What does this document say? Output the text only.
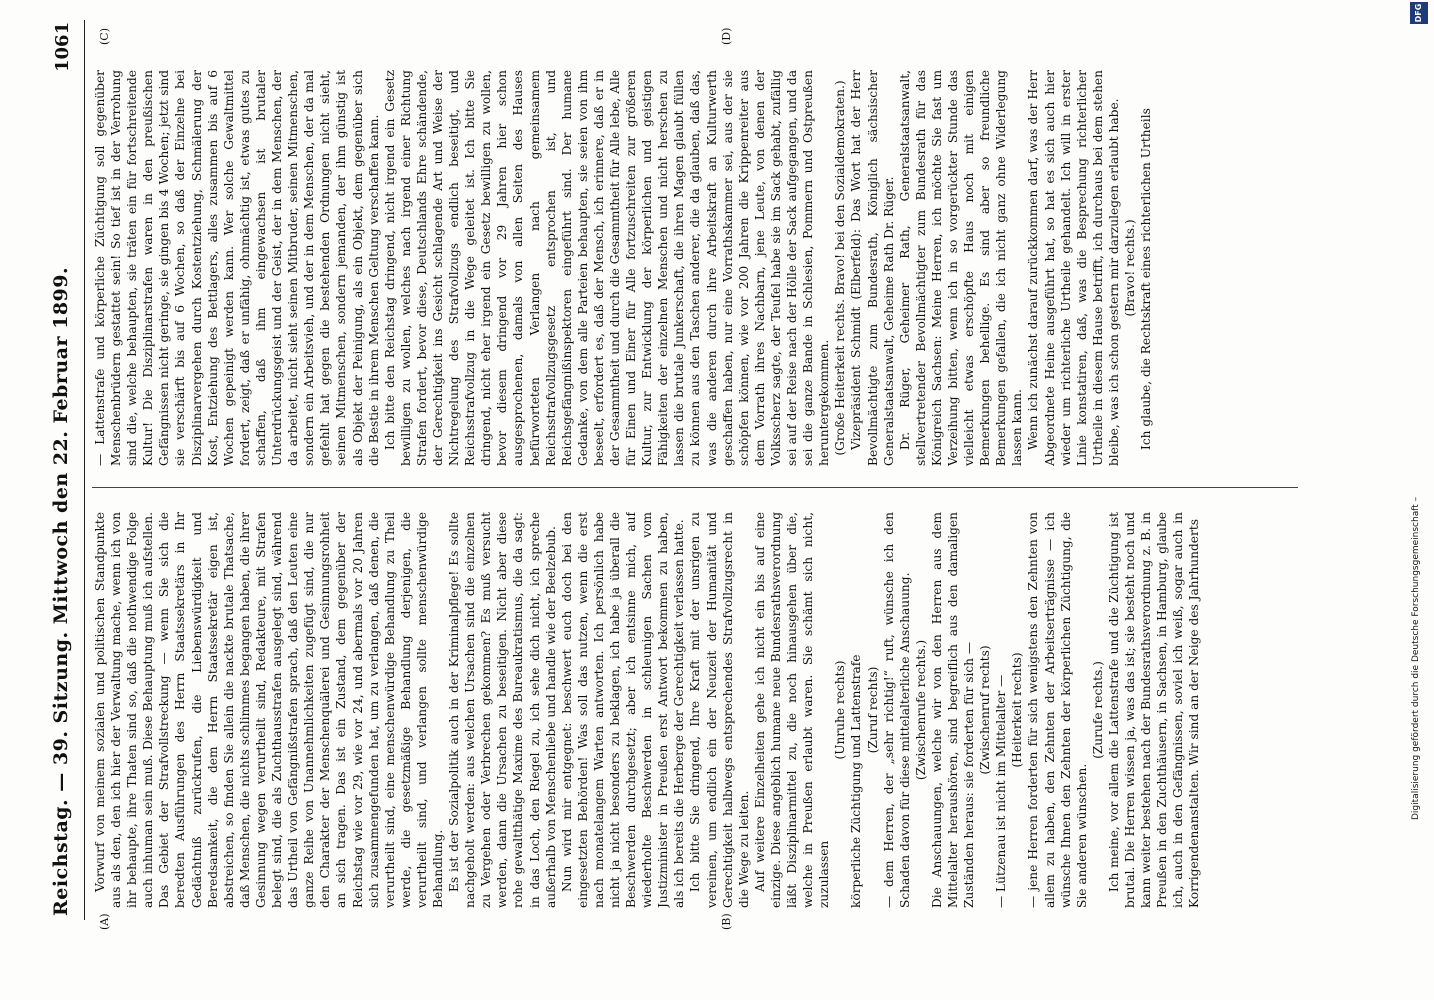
Reichstag. — 39. Sitzung. Mittwoch den 22. Februar 1899.
1061
(A)	(B)
(C)	(D)

Vorwurf von meinem sozialen und politischen Standpunkte aus als den, den ich hier der Verwaltung mache, wenn ich von ihr behaupte, ihre Thaten sind so, daß die nothwendige Folge auch inhuman sein muß. Diese Behauptung muß ich aufstellen. Das Gebiet der Strafvollstreckung — wenn Sie sich die beredten Ausführungen des Herrn Staatssekretärs in Ihr Gedächtniß zurückrufen, die Liebenswürdigkeit und Beredsamkeit, die dem Herrn Staatssekretär eigen ist, abstreichen, so finden Sie allein die nackte brutale Thatsache, daß Menschen, die nichts schlimmes begangen haben, die ihrer Gesinnung wegen verurtheilt sind, Redakteure, mit Strafen belegt sind, die als Zuchthausstrafen ausgelegt sind, während das Urtheil von Gefängnißstrafen sprach, daß den Leuten eine ganze Reihe von Unannehmlichkeiten zugefügt sind, die nur den Charakter der Menschenquälerei und Gesinnungsrohheit an sich tragen. Das ist ein Zustand, dem gegenüber der Reichstag wie vor 29, wie vor 24, und abermals vor 20 Jahren sich zusammengefunden hat, um zu verlangen, daß denen, die verurtheilt sind, eine menschenwürdige Behandlung zu Theil werde, die gesetzmäßige Behandlung derjenigen, die verurtheilt sind, und verlangen sollte menschenwürdige Behandlung. Es ist der Sozialpolitik auch in der Kriminalpflege! Es sollte nachgeholt werden: aus welchen Ursachen sind die einzelnen zu Vergehen oder Verbrechen gekommen? Es muß versucht werden, dann die Ursachen zu beseitigen. Nicht aber diese rohe gewaltthätige Maxime des Bureaukratismus, die da sagt: in das Loch, den Riegel zu, ich sehe dich nicht, ich spreche außerhalb von Menschenliebe und handle wie der Beelzebub. Nun wird mir entgegnet: beschwert euch doch bei den eingesetzten Behörden! Was soll das nutzen, wenn die erst nach monatelangem Warten antworten. Ich persönlich habe nicht ja nicht besonders zu beklagen, ich habe ja überall die Beschwerden durchgesetzt; aber ich entsinne mich, auf wiederholte Beschwerden in schleunigen Sachen vom Justizminister in Preußen erst Antwort bekommen zu haben, als ich bereits die Herberge der Gerechtigkeit verlassen hatte. Ich bitte Sie dringend, Ihre Kraft mit der unsrigen zu vereinen, um endlich ein der Neuzeit der Humanität und Gerechtigkeit halbwegs entsprechendes Strafvollzugsrecht in die Wege zu leiten. Auf weitere Einzelheiten gehe ich nicht ein bis auf eine einzige. Diese angeblich humane neue Bundesrathsverordnung läßt Disziplinarmittel zu, die noch hinausgehen über die, welche in Preußen erlaubt waren. Sie schämt sich nicht, zuzulassen

(Unruhe rechts) körperliche Züchtigung und Lattenstrafe (Zuruf rechts) — dem Herren, der „sehr richtig!“ ruft, wünsche ich den Schaden davon für diese mittelalterliche Anschauung. (Zwischenrufe rechts.) Die Anschauungen, welche wir von den Herren aus dem Mittelalter heraushören, sind begreiflich aus den damaligen Zuständen heraus: sie forderten für sich — (Zwischenruf rechts) — Lützenau ist nicht im Mittelalter — (Heiterkeit rechts) — jene Herren forderten für sich wenigstens den Zehnten von allem zu haben, den Zehnten der Arbeitserträgnisse — ich wünsche Ihnen den Zehnten der körperlichen Züchtigung, die Sie anderen wünschen.

(Zurufe rechts.) Ich meine, vor allem die Lattenstrafe und die Züchtigung ist brutal. Die Herren wissen ja, was das ist; sie besteht noch und kann weiter bestehen nach der Bundesrathsverordnung z. B. in Preußen in den Zuchthäusern, in Sachsen, in Hamburg, glaube ich, auch in den Gefängnissen, soviel ich weiß, sogar auch in Korrigendenanstalten. Wir sind an der Neige des Jahrhunderts

— Lattenstrafe und körperliche Züchtigung soll gegenüber Menschenbrüdern gestattet sein! So tief ist in der Verrohung sind die, welche behaupten, sie träten ein für fortschreitende Kultur! Die Disziplinarstrafen waren in den preußischen Gefängnissen nicht geringe, sie gingen bis 4 Wochen; jetzt sind sie verschärft bis auf 6 Wochen, so daß der Einzelne bei Disziplinarvergehen durch Kostentziehung, Schmälerung der Kost, Entziehung des Bettlagers, alles zusammen bis auf 6 Wochen gepeinigt werden kann. Wer solche Gewaltmittel fordert, zeigt, daß er unfähig, ohnmächtig ist, etwas gutes zu schaffen, daß ihm eingewachsen ist brutaler Unterdrückungsgeist und der Geist, der in dem Menschen, der da arbeitet, nicht sieht seinen Mitbruder, seinen Mitmenschen, sondern ein Arbeitsvieh, und der in dem Menschen, der da mal gefehlt hat gegen die bestehenden Ordnungen nicht sieht, seinen Mitmenschen, sondern jemanden, der ihm günstig ist als Objekt der Peinigung, als ein Objekt, dem gegenüber sich die Bestie in ihrem Menschen Geltung verschaffen kann. Ich bitte den Reichstag dringend, nicht irgend ein Gesetz bewilligen zu wollen, welches nach irgend einer Richtung Strafen fordert, bevor diese, Deutschlands Ehre schändende, der Gerechtigkeit ins Gesicht schlagende Art und Weise der Nichtregelung des Strafvollzugs endlich beseitigt, und Reichsstrafvollzug in die Wege geleitet ist. Ich bitte Sie dringend, nicht eher irgend ein Gesetz bewilligen zu wollen, bevor diesem dringend vor 29 Jahren hier schon ausgesprochenen, damals von allen Seiten des Hauses befürworteten Verlangen nach gemeinsamem Reichsstrafvollzugsgesetz entsprochen ist, und Reichsgefängnißinspektoren eingeführt sind. Der humane Gedanke, von dem alle Parteien behaupten, sie seien von ihm beseelt, erfordert es, daß der Mensch, ich erinnere, daß er in der Gesammtheit und durch die Gesammtheit für Alle lebe, Alle für Einen und Einer für Alle fortzuschreiten zur größeren Kultur, zur Entwicklung der körperlichen und geistigen Fähigkeiten der einzelnen Menschen und nicht herschen zu lassen die brutale Junkerschaft, die ihren Magen glaubt füllen zu können aus den Taschen anderer, die da glauben, daß das, was die anderen durch ihre Arbeitskraft an Kulturwerth geschaffen haben, nur eine Vorrathskammer sei, aus der sie schöpfen können, wie vor 200 Jahren die Krippenreiter aus dem Vorrath ihres Nachbarn, jene Leute, von denen der Volksscherz sagte, der Teufel habe sie im Sack gehabt, zufällig sei auf der Reise nach der Hölle der Sack aufgegangen, und da sei die ganze Bande in Schlesien, Pommern und Ostpreußen heruntergekommen. (Große Heiterkeit rechts. Bravo! bei den Sozialdemokraten.) Vizepräsident Schmidt (Elberfeld): Das Wort hat der Herr Bevollmächtigte zum Bundesrath, Königlich sächsischer Generalstaatsanwalt, Geheime Rath Dr. Rüger. Dr. Rüger, Geheimer Rath, Generalstaatsanwalt, stellvertretender Bevollmächtigter zum Bundesrath für das Königreich Sachsen: Meine Herren, ich möchte Sie fast um Verzeihung bitten, wenn ich in so vorgerückter Stunde das vielleicht etwas erschöpfte Haus noch mit einigen Bemerkungen behellige. Es sind aber so freundliche Bemerkungen gefallen, die ich nicht ganz ohne Widerlegung lassen kann. Wenn ich zunächst darauf zurückkommen darf, was der Herr Abgeordnete Heine ausgeführt hat, so hat es sich auch hier wieder um richterliche Urtheile gehandelt. Ich will in erster Linie konstatiren, daß, was die Besprechung richterlicher Urtheile in diesem Hause betrifft, ich durchaus bei dem stehen bleibe, was ich schon gestern mir darzulegen erlaubt habe. (Bravo! rechts.) Ich glaube, die Rechtskraft eines richterlichen Urtheils

Digitalisierung gefördert durch die Deutsche Forschungsgemeinschaft –
DFG
